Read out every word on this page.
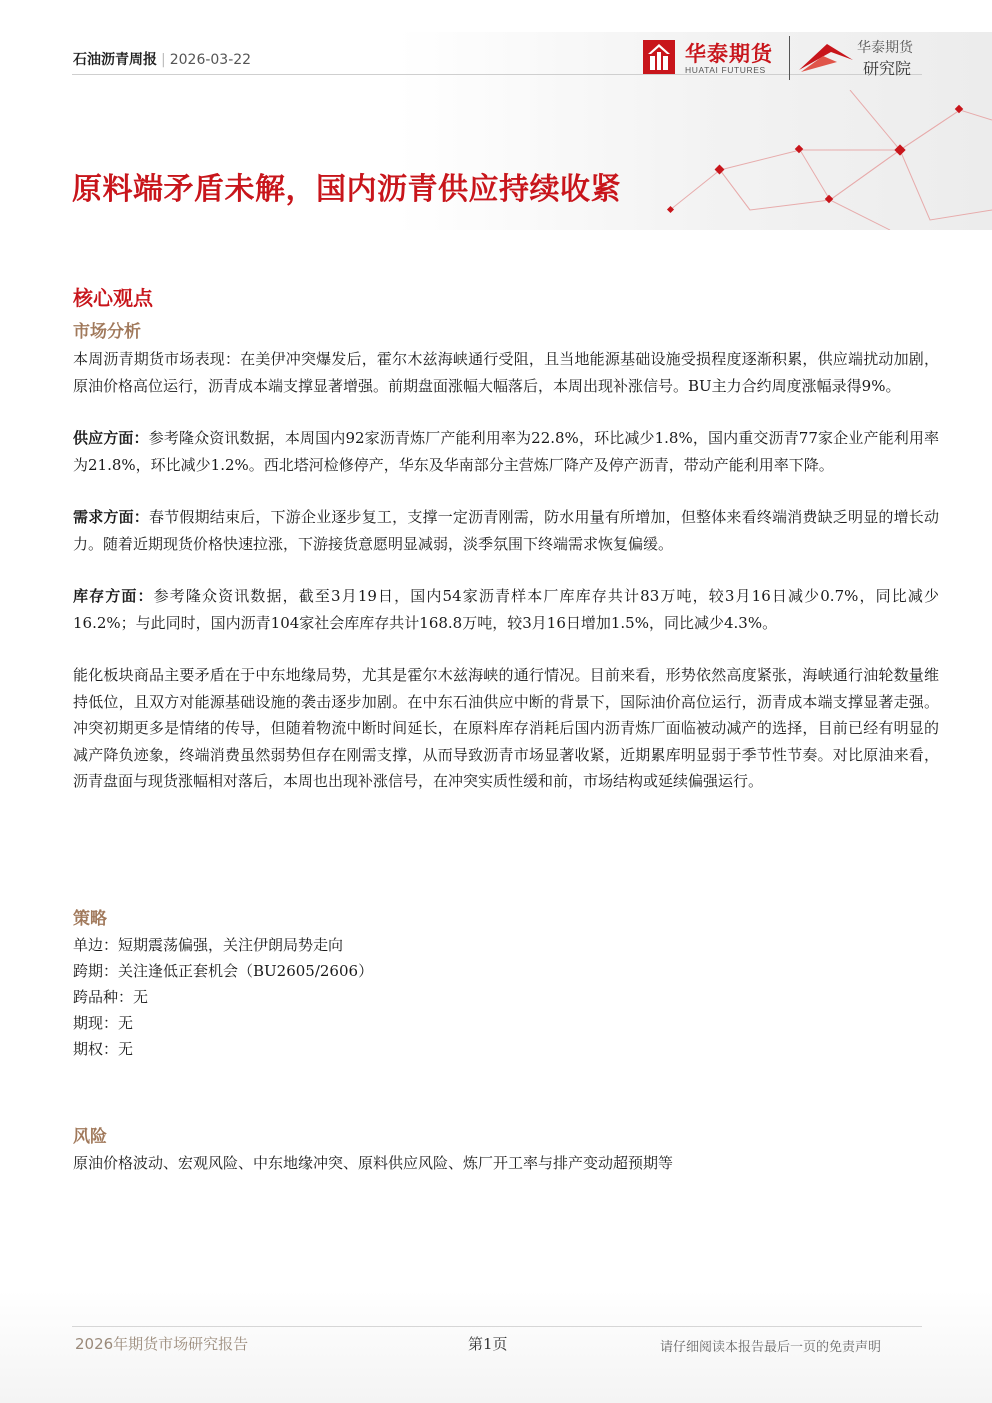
石油沥青周报 | 2026-03-22	华泰期货
HUATAI FUTURES
华泰期货
研究院
原料端矛盾未解，国内沥青供应持续收紧
核心观点
市场分析

本周沥青期货市场表现：在美伊冲突爆发后，霍尔木兹海峡通行受阻，且当地能源基础设施受损程度逐渐积累，供应端扰动加剧，原油价格高位运行，沥青成本端支撑显著增强。前期盘面涨幅大幅落后，本周出现补涨信号。BU主力合约周度涨幅录得9%。

供应方面：参考隆众资讯数据，本周国内92家沥青炼厂产能利用率为22.8%，环比减少1.8%，国内重交沥青77家企业产能利用率为21.8%，环比减少1.2%。西北塔河检修停产，华东及华南部分主营炼厂降产及停产沥青，带动产能利用率下降。

需求方面：春节假期结束后，下游企业逐步复工，支撑一定沥青刚需，防水用量有所增加，但整体来看终端消费缺乏明显的增长动力。随着近期现货价格快速拉涨，下游接货意愿明显减弱，淡季氛围下终端需求恢复偏缓。

库存方面：参考隆众资讯数据，截至3月19日，国内54家沥青样本厂库库存共计83万吨，较3月16日减少0.7%，同比减少16.2%；与此同时，国内沥青104家社会库库存共计168.8万吨，较3月16日增加1.5%，同比减少4.3%。

能化板块商品主要矛盾在于中东地缘局势，尤其是霍尔木兹海峡的通行情况。目前来看，形势依然高度紧张，海峡通行油轮数量维持低位，且双方对能源基础设施的袭击逐步加剧。在中东石油供应中断的背景下，国际油价高位运行，沥青成本端支撑显著走强。冲突初期更多是情绪的传导，但随着物流中断时间延长，在原料库存消耗后国内沥青炼厂面临被动减产的选择，目前已经有明显的减产降负迹象，终端消费虽然弱势但存在刚需支撑，从而导致沥青市场显著收紧，近期累库明显弱于季节性节奏。对比原油来看，沥青盘面与现货涨幅相对落后，本周也出现补涨信号，在冲突实质性缓和前，市场结构或延续偏强运行。

策略
单边：短期震荡偏强，关注伊朗局势走向
跨期：关注逢低正套机会（BU2605/2606）
跨品种：无
期现：无
期权：无
风险
原油价格波动、宏观风险、中东地缘冲突、原料供应风险、炼厂开工率与排产变动超预期等
2026年期货市场研究报告	第1页	请仔细阅读本报告最后一页的免责声明
